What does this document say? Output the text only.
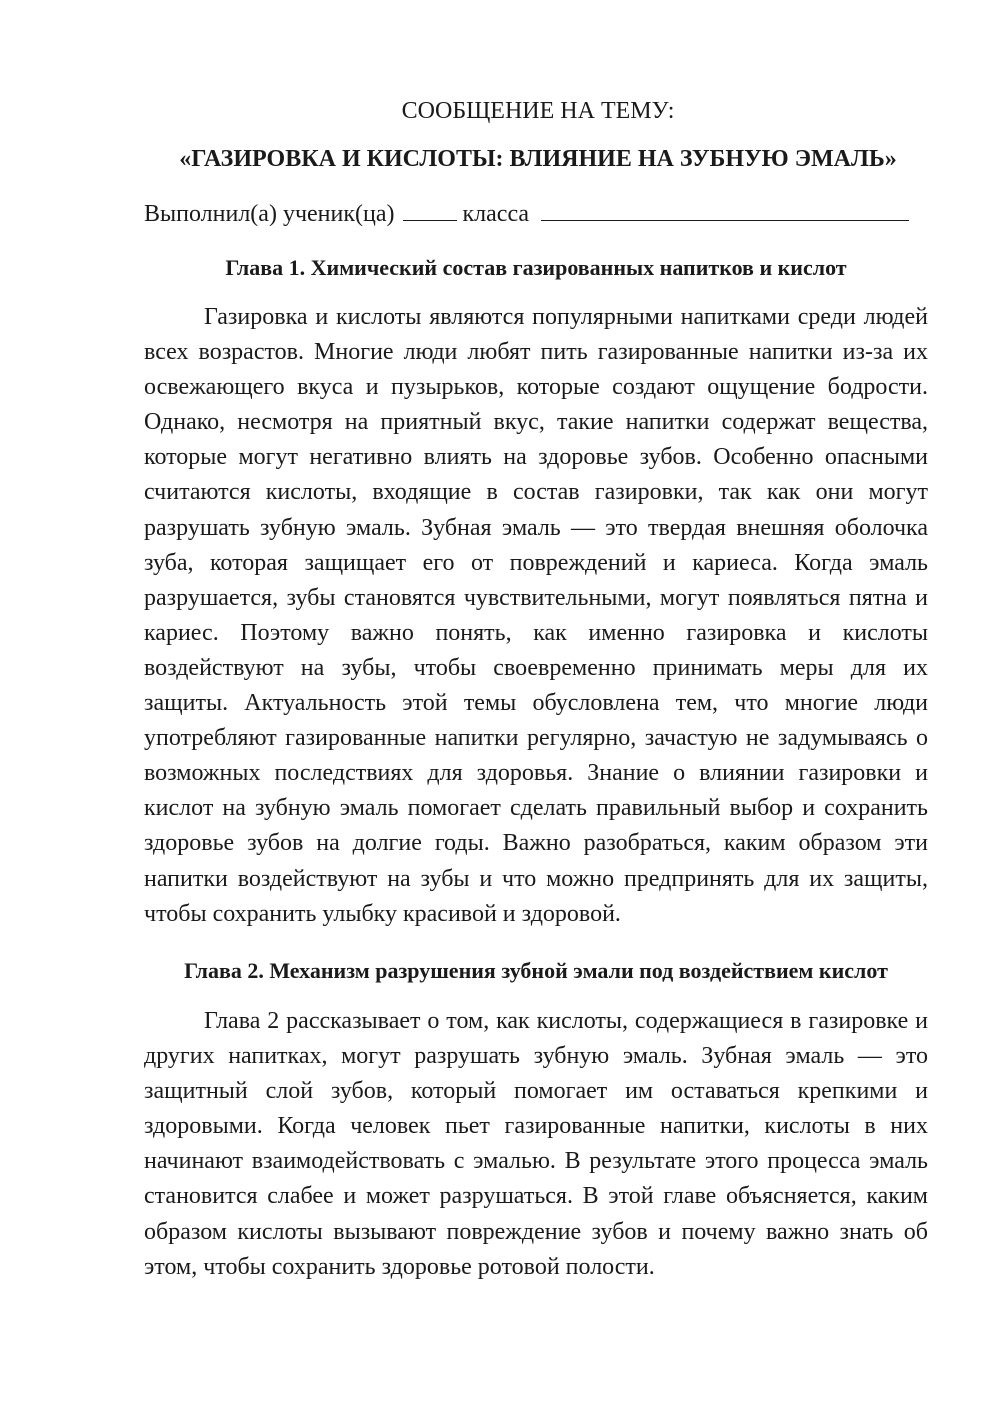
СООБЩЕНИЕ НА ТЕМУ:
«ГАЗИРОВКА И КИСЛОТЫ: ВЛИЯНИЕ НА ЗУБНУЮ ЭМАЛЬ»
Выполнил(а) ученик(ца)	класса
Глава 1. Химический состав газированных напитков и кислот
Газировка и кислоты являются популярными напитками среди людей всех возрастов. Многие люди любят пить газированные напитки из-за их освежающего вкуса и пузырьков, которые создают ощущение бодрости. Однако, несмотря на приятный вкус, такие напитки содержат вещества, которые могут негативно влиять на здоровье зубов. Особенно опасными считаются кислоты, входящие в состав газировки, так как они могут разрушать зубную эмаль. Зубная эмаль — это твердая внешняя оболочка зуба, которая защищает его от повреждений и кариеса. Когда эмаль разрушается, зубы становятся чувствительными, могут появляться пятна и кариес. Поэтому важно понять, как именно газировка и кислоты воздействуют на зубы, чтобы своевременно принимать меры для их защиты. Актуальность этой темы обусловлена тем, что многие люди употребляют газированные напитки регулярно, зачастую не задумываясь о возможных последствиях для здоровья. Знание о влиянии газировки и кислот на зубную эмаль помогает сделать правильный выбор и сохранить здоровье зубов на долгие годы. Важно разобраться, каким образом эти напитки воздействуют на зубы и что можно предпринять для их защиты, чтобы сохранить улыбку красивой и здоровой.
Глава 2. Механизм разрушения зубной эмали под воздействием кислот
Глава 2 рассказывает о том, как кислоты, содержащиеся в газировке и других напитках, могут разрушать зубную эмаль. Зубная эмаль — это защитный слой зубов, который помогает им оставаться крепкими и здоровыми. Когда человек пьет газированные напитки, кислоты в них начинают взаимодействовать с эмалью. В результате этого процесса эмаль становится слабее и может разрушаться. В этой главе объясняется, каким образом кислоты вызывают повреждение зубов и почему важно знать об этом, чтобы сохранить здоровье ротовой полости.
